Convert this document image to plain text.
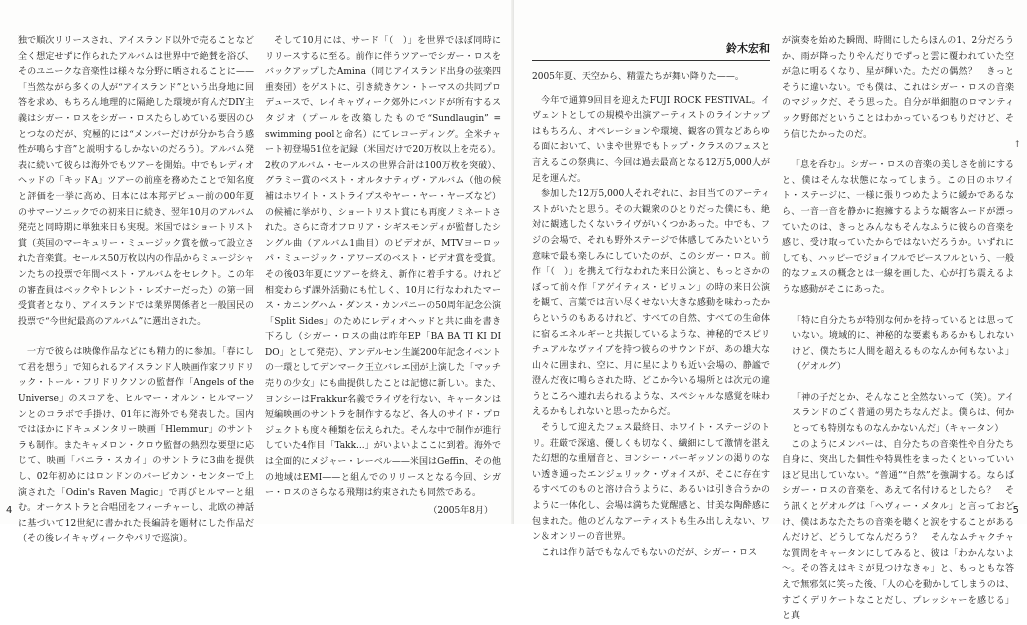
独で順次リリースされ、アイスランド以外で売ることなど全く想定せずに作られたアルバムは世界中で絶賛を浴び、そのユニークな音楽性は様々な分野に晒されることに——「当然ながら多くの人が“アイスランド”という出身地に回答を求め、もちろん地理的に隔絶した環境が育んだDIY主義はシガー・ロスをシガー・ロスたらしめている要因のひとつなのだが、究極的には“メンバーだけが分かち合う感性が鳴らす音”と説明するしかないのだろう）。アルバム発表に続いて彼らは海外でもツアーを開始。中でもレディオヘッドの「キッドA」ツアーの前座を務めたことで知名度と評価を一挙に高め、日本には本邦デビュー前の00年夏のサマーソニックでの初来日に続き、翌年10月のアルバム発売と同時期に単独来日も実現。米国ではショートリスト賞（英国のマーキュリー・ミュージック賞を倣って設立された音楽賞。セールス50万枚以内の作品からミュージシャンたちの投票で年間ベスト・アルバムをセレクト。この年の審査員はベックやトレント・レズナーだった）の第一回受賞者となり、アイスランドでは業界関係者と一般国民の投票で“今世紀最高のアルバム”に選出された。

一方で彼らは映像作品などにも精力的に参加。「春にして君を想う」で知られるアイスランド人映画作家フリドリック・トール・フリドリクソンの監督作「Angels of the Universe」のスコアを、ヒルマー・オルン・ヒルマーソンとのコラボで手掛け、01年に海外でも発表した。国内ではほかにドキュメンタリー映画「Hlemmur」のサントラも制作。またキャメロン・クロウ監督の熱烈な要望に応じて、映画「バニラ・スカイ」のサントラに3曲を提供し、02年初めにはロンドンのバービカン・センターで上演された「Odin's Raven Magic」で再びヒルマーと組む。オーケストラと合唱団をフィーチャーし、北欧の神話に基づいて12世紀に書かれた長編詩を題材にした作品だ（その後レイキャヴィークやパリで巡演）。

そして10月には、サード「（　）」を世界でほぼ同時にリリースするに至る。前作に伴うツアーでシガー・ロスをバックアップしたAmina（同じアイスランド出身の弦楽四重奏団）をゲストに、引き続きケン・トーマスの共同プロデュースで、レイキャヴィーク郊外にバンドが所有するスタジオ（プールを改築したもので“Sundlaugin” = swimming poolと命名）にてレコーディング。全米チャート初登場51位を記録（米国だけで20万枚以上を売る）。2枚のアルバム・セールスの世界合計は100万枚を突破）、グラミー賞のベスト・オルタナティヴ・アルバム（他の候補はホワイト・ストライプスやヤー・ヤー・ヤーズなど）の候補に挙がり、ショートリスト賞にも再度ノミネートされた。さらに奇才フロリア・シギスモンディが監督したシングル曲（アルバム1曲目）のビデオが、MTVヨーロッパ・ミュージック・アワーズのベスト・ビデオ賞を受賞。その後03年夏にツアーを終え、新作に着手する。けれど相変わらず課外活動にも忙しく、10月に行なわれたマース・カニングハム・ダンス・カンパニーの50周年記念公演「Split Sides」のためにレディオヘッドと共に曲を書き下ろし（シガー・ロスの曲は昨年EP「BA BA TI KI DI DO」として発売）、アンデルセン生誕200年記念イベントの一環としてデンマーク王立バレエ団が上演した「マッチ売りの少女」にも曲提供したことは記憶に新しい。また、ヨンシーはFrakkur名義でライヴを行ない、キャータンは短編映画のサントラを制作するなど、各人のサイド・プロジェクトも度々種類を伝えられた。そんな中で制作が進行していた4作目「Takk...」がいよいよここに到着。海外では全面的にメジャー・レーベル——米国はGeffin、その他の地域はEMI——と組んでのリリースとなる今回、シガー・ロスのさらなる飛翔は約束されたも同然である。

（2005年8月）

4
鈴木宏和

2005年夏、天空から、精霊たちが舞い降りた——。

今年で通算9回目を迎えたFUJI ROCK FESTIVAL。イヴェントとしての規模や出演アーティストのラインナップはもちろん、オペレーションや環境、観客の質などあらゆる面において、いまや世界でもトップ・クラスのフェスと言えるこの祭典に、今回は過去最高となる12万5,000人が足を運んだ。

参加した12万5,000人それぞれに、お目当てのアーティストがいたと思う。その大観衆のひとりだった僕にも、絶対に観逃したくないライヴがいくつかあった。中でも、フジの会場で、それも野外ステージで体感してみたいという意味で最も楽しみにしていたのが、このシガー・ロス。前作「（　）」を携えて行なわれた来日公演と、もっとさかのぼって前々作「アゲイティス・ビリュン」の時の来日公演を観て、言葉では言い尽くせない大きな感動を味わったからというのもあるけれど、すべての自然、すべての生命体に宿るエネルギーと共振しているような、神秘的でスピリチュアルなヴァイブを持つ彼らのサウンドが、あの雄大な山々に囲まれ、空に、月に星によりも近い会場の、静謐で澄んだ夜に鳴らされた時、どこか今いる場所とは次元の違うところへ連れ去られるような、スペシャルな感覚を味わえるかもしれないと思ったからだ。

そうして迎えたフェス最終日、ホワイト・ステージのトリ。荘厳で深遠、優しくも切なく、繊細にして激情を湛えた幻想的な重層音と、ヨンシー・バーギッソンの渇りのない透き通ったエンジェリック・ヴォイスが、そこに存在するすべてのものと溶け合うように、あるいは引き合うかのように一体化し、会場は満ちた覚醒感と、甘美な陶酔感に包まれた。他のどんなアーティストも生み出しえない、ワン＆オンリーの音世界。

これは作り話でもなんでもないのだが、シガー・ロス

が演奏を始めた瞬間、時間にしたらほんの1、2分だろうか、雨が降ったりやんだりでずっと雲に覆われていた空が急に明るくなり、星が輝いた。ただの偶然？　きっとそうに違いない。でも僕は、これはシガー・ロスの音楽のマジックだ、そう思った。自分が単細胞のロマンティック野郎だということはわかっているつもりだけど、そう信じたかったのだ。

「息を呑む」。シガー・ロスの音楽の美しさを前にすると、僕はそんな状態になってしまう。この日のホワイト・ステージに、一様に張りつめたように緩かであるなら、一音一音を静かに抱擁するような観客ムードが漂っていたのは、きっとみんなもそんなふうに彼らの音楽を感じ、受け取っていたからではないだろうか。いずれにしても、ハッピーでジョイフルでピースフルという、一般的なフェスの概念とは一線を画した、心が打ち震えるような感動がそこにあった。

「特に自分たちが特別な何かを持っているとは思っていない。境域的に、神秘的な要素もあるかもしれないけど、僕たちに人間を超えるものなんか何もないよ」（ゲオルグ）

「神の子だとか、そんなこと全然ないって（笑）。アイスランドのごく普通の男たちなんだよ。僕らは、何かとっても特別なものなんかないんだ」（キャータン）

このようにメンバーは、自分たちの音楽性や自分たち自身に、突出した個性や特異性をまったくといっていいほど見出していない。“普通”“自然”を強調する。ならばシガー・ロスの音楽を、あえて名付けるとしたら？　そう訊くとゲオルグは「ヘヴィー・メタル」と言っておどけ、僕はあなたたちの音楽を聴くと涙をすることがあるんだけど、どうしてなんだろう？　そんなムチャクチャな質問をキャータンにしてみると、彼は「わかんないよ～。その答えはキミが見つけなきゃ」と、もっともな答えで無邪気に笑った後、「人の心を動かしてしまうのは、すごくデリケートなことだし、プレッシャーを感じる」と真

↑
5
